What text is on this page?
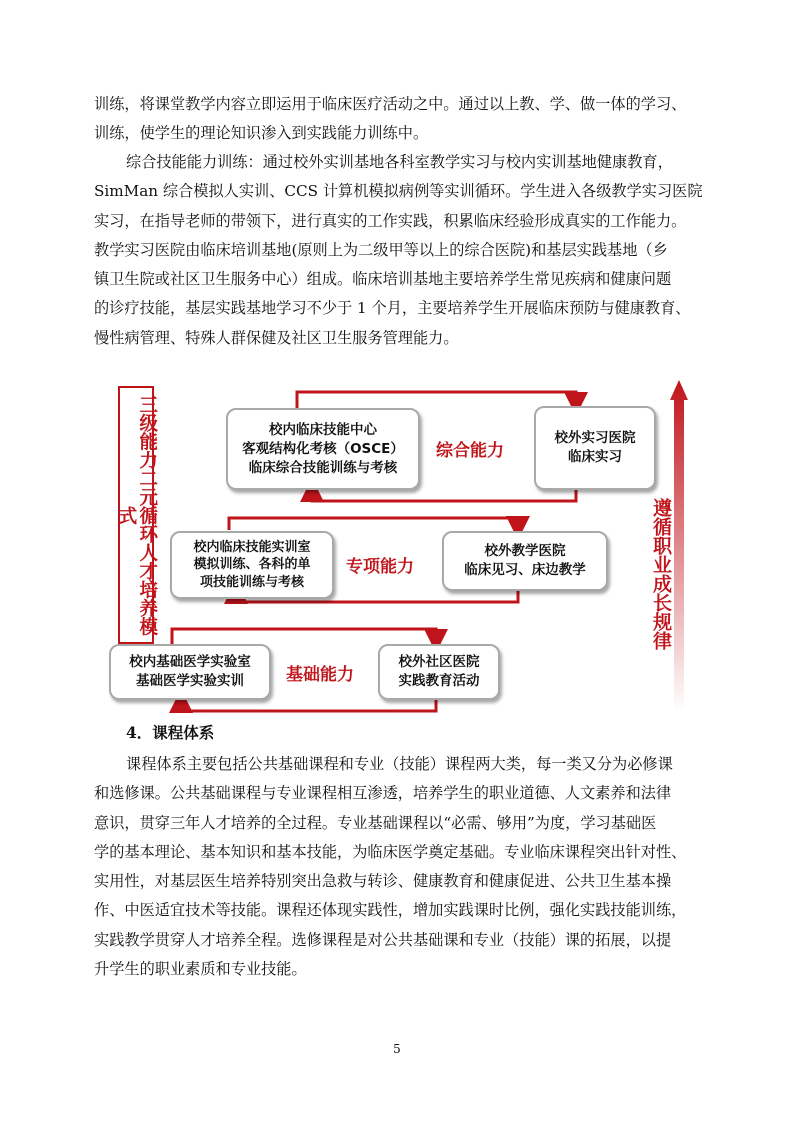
训练，将课堂教学内容立即运用于临床医疗活动之中。通过以上教、学、做一体的学习、
训练，使学生的理论知识渗入到实践能力训练中。
综合技能能力训练：通过校外实训基地各科室教学实习与校内实训基地健康教育，
SimMan 综合模拟人实训、CCS 计算机模拟病例等实训循环。学生进入各级教学实习医院
实习，在指导老师的带领下，进行真实的工作实践，积累临床经验形成真实的工作能力。
教学实习医院由临床培训基地(原则上为二级甲等以上的综合医院)和基层实践基地（乡
镇卫生院或社区卫生服务中心）组成。临床培训基地主要培养学生常见疾病和健康问题
的诊疗技能，基层实践基地学习不少于 1 个月，主要培养学生开展临床预防与健康教育、
慢性病管理、特殊人群保健及社区卫生服务管理能力。
三级能力二元循环人才培养模式
校内临床技能中心
客观结构化考核（OSCE）
临床综合技能训练与考核
综合能力
校外实习医院
临床实习
校内临床技能实训室
模拟训练、各科的单
项技能训练与考核
专项能力
校外教学医院
临床见习、床边教学
校内基础医学实验室
基础医学实验实训	基础能力
校外社区医院
实践教育活动
遵循职业成长规律
4．课程体系
课程体系主要包括公共基础课程和专业（技能）课程两大类，每一类又分为必修课
和选修课。公共基础课程与专业课程相互渗透，培养学生的职业道德、人文素养和法律
意识，贯穿三年人才培养的全过程。专业基础课程以“必需、够用”为度，学习基础医
学的基本理论、基本知识和基本技能，为临床医学奠定基础。专业临床课程突出针对性、
实用性，对基层医生培养特别突出急救与转诊、健康教育和健康促进、公共卫生基本操
作、中医适宜技术等技能。课程还体现实践性，增加实践课时比例，强化实践技能训练，
实践教学贯穿人才培养全程。选修课程是对公共基础课和专业（技能）课的拓展，以提
升学生的职业素质和专业技能。
5
